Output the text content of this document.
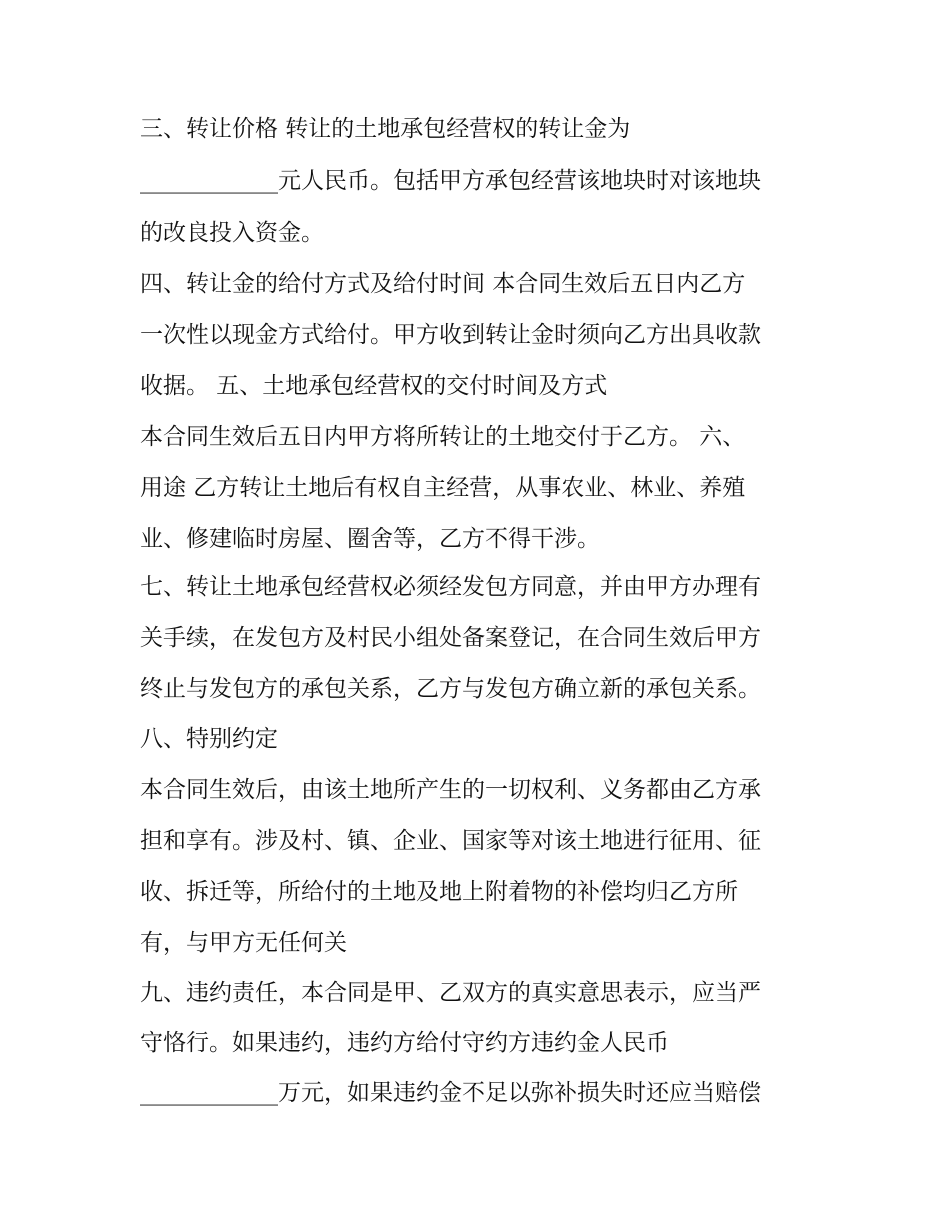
三、转让价格 转让的土地承包经营权的转让金为
____________元人民币。包括甲方承包经营该地块时对该地块
的改良投入资金。
四、转让金的给付方式及给付时间 本合同生效后五日内乙方
一次性以现金方式给付。甲方收到转让金时须向乙方出具收款
收据。 五、土地承包经营权的交付时间及方式
本合同生效后五日内甲方将所转让的土地交付于乙方。 六、
用途 乙方转让土地后有权自主经营，从事农业、林业、养殖
业、修建临时房屋、圈舍等，乙方不得干涉。
七、转让土地承包经营权必须经发包方同意，并由甲方办理有
关手续，在发包方及村民小组处备案登记，在合同生效后甲方
终止与发包方的承包关系，乙方与发包方确立新的承包关系。
八、特别约定
本合同生效后，由该土地所产生的一切权利、义务都由乙方承
担和享有。涉及村、镇、企业、国家等对该土地进行征用、征
收、拆迁等，所给付的土地及地上附着物的补偿均归乙方所
有，与甲方无任何关
九、违约责任，本合同是甲、乙双方的真实意思表示，应当严
守恪行。如果违约，违约方给付守约方违约金人民币
____________万元，如果违约金不足以弥补损失时还应当赔偿
